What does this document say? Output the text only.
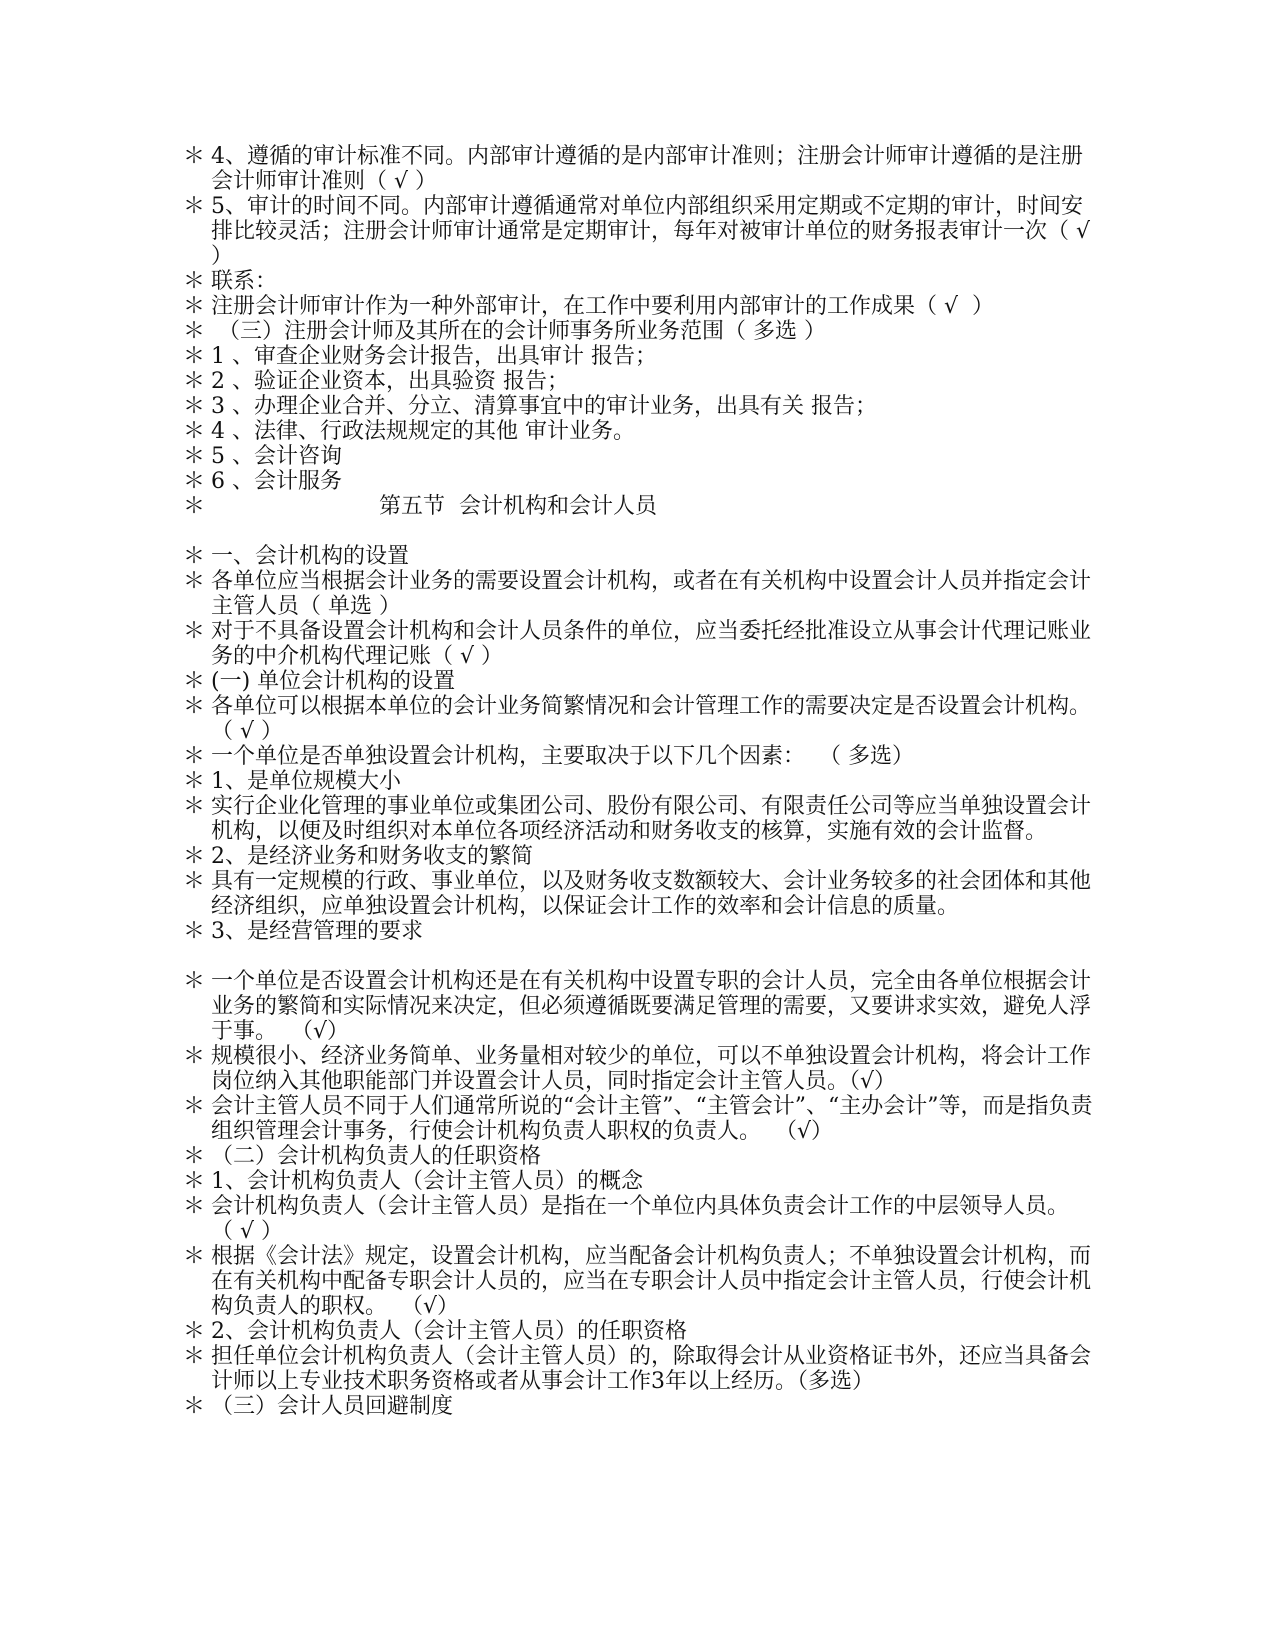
＊ 4、遵循的审计标准不同。内部审计遵循的是内部审计准则；注册会计师审计遵循的是注册会计师审计准则（ √ ）
＊ 5、审计的时间不同。内部审计遵循通常对单位内部组织采用定期或不定期的审计，时间安排比较灵活；注册会计师审计通常是定期审计，每年对被审计单位的财务报表审计一次（ √ ）
＊ 联系：
＊ 注册会计师审计作为一种外部审计，在工作中要利用内部审计的工作成果（ √  ）
＊ （三）注册会计师及其所在的会计师事务所业务范围（ 多选 ）
＊ 1 、审查企业财务会计报告，出具审计 报告；
＊ 2 、验证企业资本，出具验资 报告；
＊ 3 、办理企业合并、分立、清算事宜中的审计业务，出具有关 报告；
＊ 4 、法律、行政法规规定的其他 审计业务。
＊ 5 、会计咨询
＊ 6 、会计服务
＊	第五节  会计机构和会计人员
＊ 一、会计机构的设置
＊ 各单位应当根据会计业务的需要设置会计机构，或者在有关机构中设置会计人员并指定会计主管人员（ 单选 ）
＊ 对于不具备设置会计机构和会计人员条件的单位，应当委托经批准设立从事会计代理记账业务的中介机构代理记账（ √ ）
＊ (一) 单位会计机构的设置
＊ 各单位可以根据本单位的会计业务简繁情况和会计管理工作的需要决定是否设置会计机构。（ √ ）
＊ 一个单位是否单独设置会计机构，主要取决于以下几个因素：  （ 多选）
＊ 1、是单位规模大小
＊ 实行企业化管理的事业单位或集团公司、股份有限公司、有限责任公司等应当单独设置会计机构，以便及时组织对本单位各项经济活动和财务收支的核算，实施有效的会计监督。
＊ 2、是经济业务和财务收支的繁简
＊ 具有一定规模的行政、事业单位，以及财务收支数额较大、会计业务较多的社会团体和其他经济组织，应单独设置会计机构，以保证会计工作的效率和会计信息的质量。
＊ 3、是经营管理的要求
＊ 一个单位是否设置会计机构还是在有关机构中设置专职的会计人员，完全由各单位根据会计业务的繁简和实际情况来决定，但必须遵循既要满足管理的需要，又要讲求实效，避免人浮于事。  （√）
＊ 规模很小、经济业务简单、业务量相对较少的单位，可以不单独设置会计机构，将会计工作岗位纳入其他职能部门并设置会计人员，同时指定会计主管人员。（√）
＊ 会计主管人员不同于人们通常所说的“会计主管”、“主管会计”、“主办会计”等，而是指负责组织管理会计事务，行使会计机构负责人职权的负责人。  （√）
＊ （二）会计机构负责人的任职资格
＊ 1、会计机构负责人（会计主管人员）的概念
＊ 会计机构负责人（会计主管人员）是指在一个单位内具体负责会计工作的中层领导人员。  （ √ ）
＊ 根据《会计法》规定，设置会计机构，应当配备会计机构负责人；不单独设置会计机构，而在有关机构中配备专职会计人员的，应当在专职会计人员中指定会计主管人员，行使会计机构负责人的职权。  （√）
＊ 2、会计机构负责人（会计主管人员）的任职资格
＊ 担任单位会计机构负责人（会计主管人员）的，除取得会计从业资格证书外，还应当具备会计师以上专业技术职务资格或者从事会计工作3年以上经历。（多选）
＊ （三）会计人员回避制度
